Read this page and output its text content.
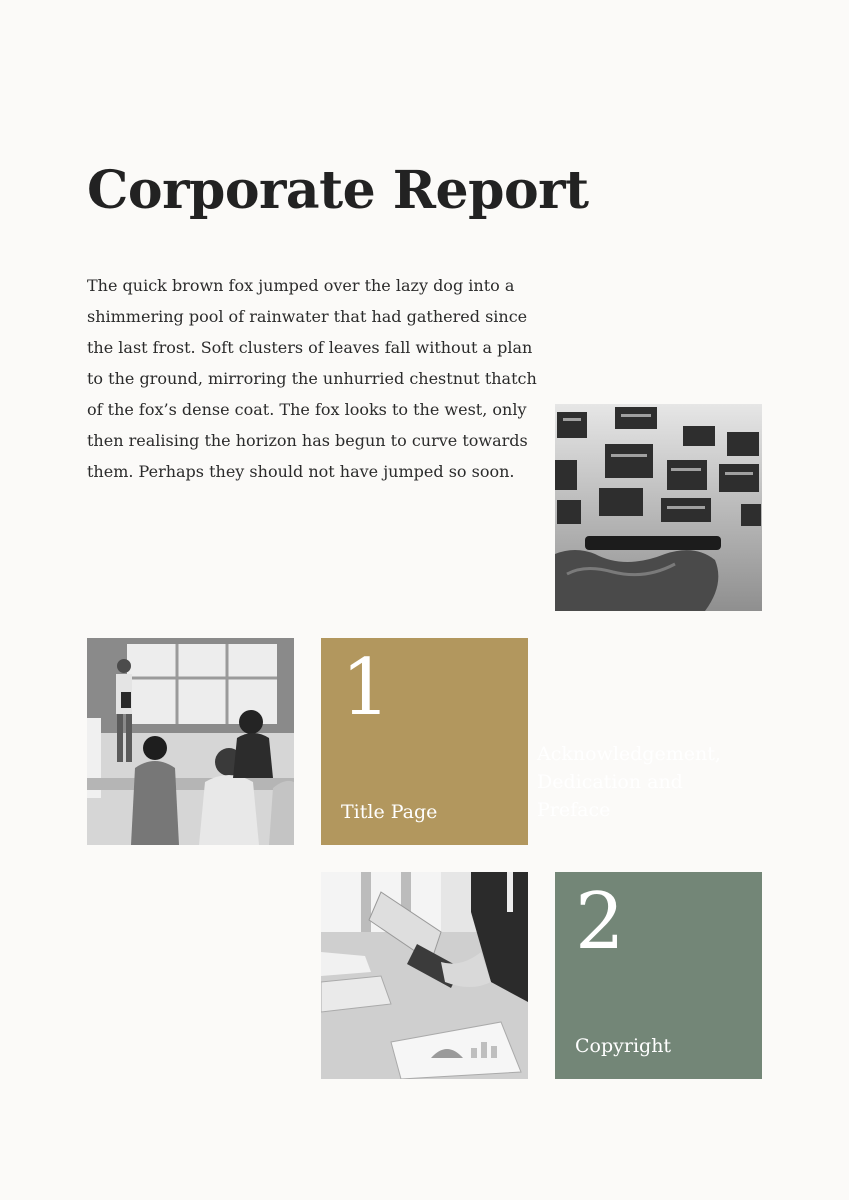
Corporate Report

The quick brown fox jumped over the lazy dog into a shimmering pool of rainwater that had gathered since the last frost. Soft clusters of leaves fall without a plan to the ground, mirroring the unhurried chestnut thatch of the fox’s dense coat. The fox looks to the west, only then realising the horizon has begun to curve towards them. Perhaps they should not have jumped so soon.

1
Title Page
Acknowledgement, Dedication and Preface
2
Copyright
